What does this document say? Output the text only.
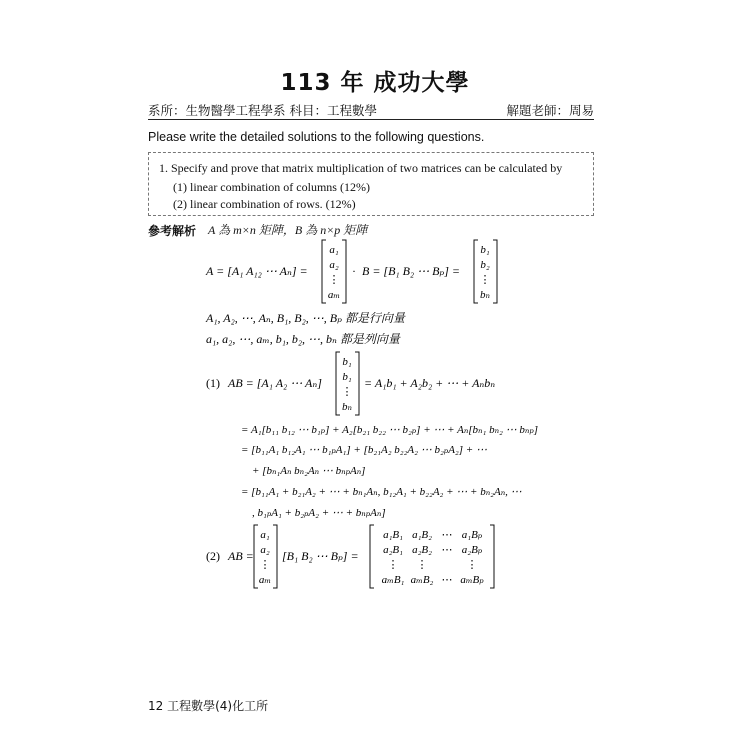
113 年 成功大學
系所：生物醫學工程學系 科目：工程數學	解題老師：周易
Please write the detailed solutions to the following questions.
1. Specify and prove that matrix multiplication of two matrices can be calculated by
(1) linear combination of columns (12%)
(2) linear combination of rows. (12%)
參考解析 A 為 m×n 矩陣，B 為 n×p 矩陣
A = [A₁ A₁₂ ⋯ Aₙ] =
a₁
a₂
⋮
aₘ
· B = [B₁ B₂ ⋯ Bₚ] =
b₁
b₂
⋮
bₙ
A₁, A₂, ⋯, Aₙ, B₁, B₂, ⋯, Bₚ 都是行向量
a₁, a₂, ⋯, aₘ, b₁, b₂, ⋯, bₙ 都是列向量
(1) AB = [A₁ A₂ ⋯ Aₙ]
b₁
b₁
⋮
bₙ
= A₁b₁ + A₂b₂ + ⋯ + Aₙbₙ
= A₁[b₁₁ b₁₂ ⋯ b₁ₚ] + A₂[b₂₁ b₂₂ ⋯ b₂ₚ] + ⋯ + Aₙ[bₙ₁ bₙ₂ ⋯ bₙₚ]
= [b₁₁A₁ b₁₂A₁ ⋯ b₁ₚA₁] + [b₂₁A₂ b₂₂A₂ ⋯ b₂ₚA₂] + ⋯
+ [bₙ₁Aₙ bₙ₂Aₙ ⋯ bₙₚAₙ]
= [b₁₁A₁ + b₂₁A₂ + ⋯ + bₙ₁Aₙ, b₁₂A₁ + b₂₂A₂ + ⋯ + bₙ₂Aₙ, ⋯
, b₁ₚA₁ + b₂ₚA₂ + ⋯ + bₙₚAₙ]
(2) AB =
a₁
a₂
⋮
aₘ
[B₁ B₂ ⋯ Bₚ] =
a₁B₁ a₁B₂ ⋯ a₁Bₚ
a₂B₁ a₂B₂ ⋯ a₂Bₚ
⋮ ⋮	⋮
aₘB₁ aₘB₂ ⋯ aₘBₚ
12 工程數學(4)化工所
